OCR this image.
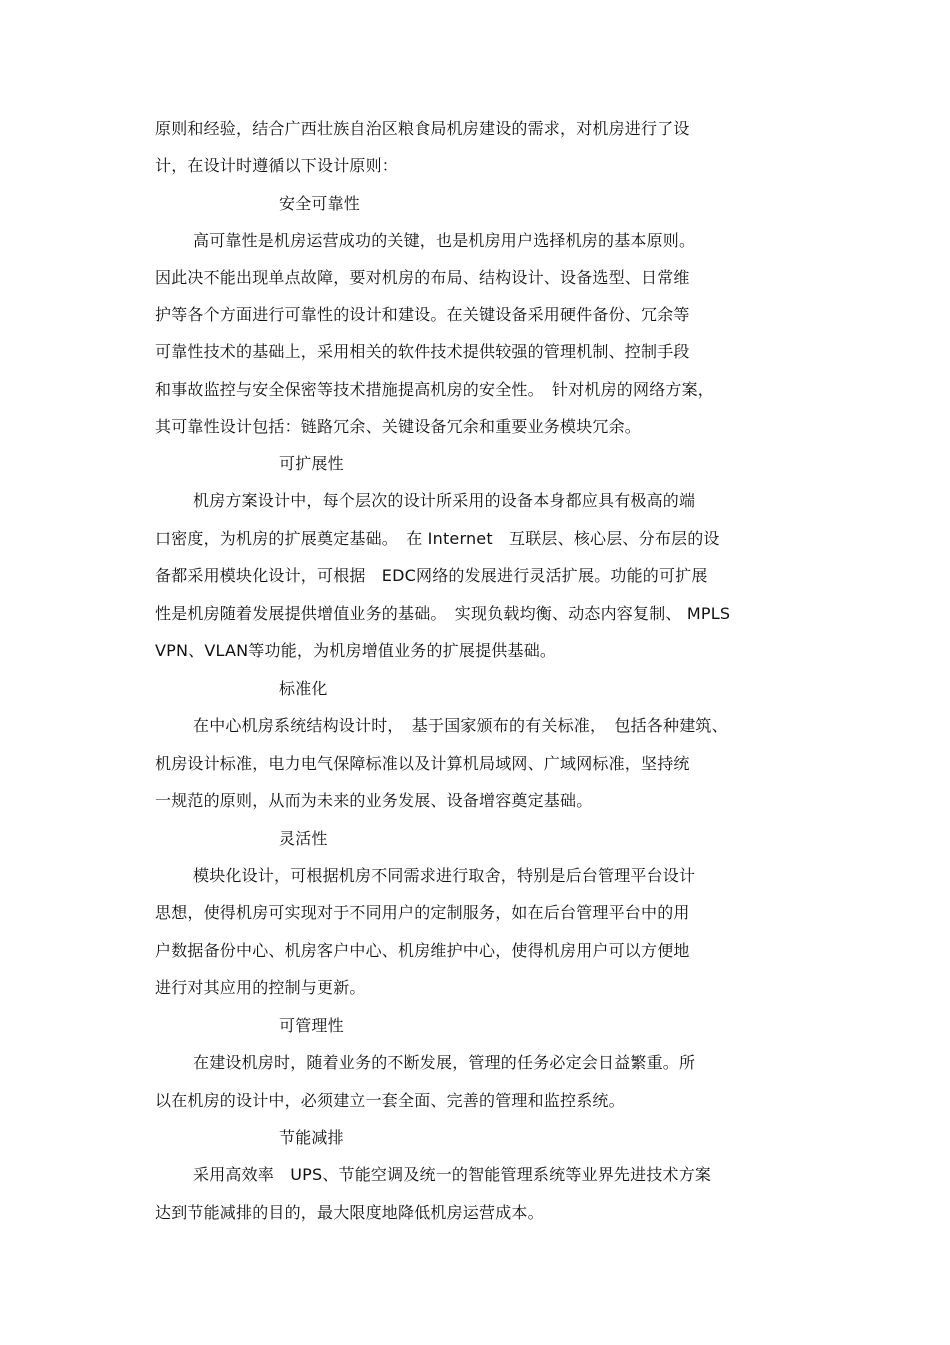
原则和经验，结合广西壮族自治区粮食局机房建设的需求，对机房进行了设
计，在设计时遵循以下设计原则：
安全可靠性
高可靠性是机房运营成功的关键，也是机房用户选择机房的基本原则。
因此决不能出现单点故障，要对机房的布局、结构设计、设备选型、日常维
护等各个方面进行可靠性的设计和建设。在关键设备采用硬件备份、冗余等
可靠性技术的基础上，采用相关的软件技术提供较强的管理机制、控制手段
和事故监控与安全保密等技术措施提高机房的安全性。　针对机房的网络方案，
其可靠性设计包括：链路冗余、关键设备冗余和重要业务模块冗余。
可扩展性
机房方案设计中，每个层次的设计所采用的设备本身都应具有极高的端
口密度，为机房的扩展奠定基础。　在 Internet　互联层、核心层、分布层的设
备都采用模块化设计，可根据　EDC网络的发展进行灵活扩展。功能的可扩展
性是机房随着发展提供增值业务的基础。　实现负载均衡、动态内容复制、 MPLS
VPN、VLAN等功能，为机房增值业务的扩展提供基础。
标准化
在中心机房系统结构设计时，　基于国家颁布的有关标准，　包括各种建筑、
机房设计标准，电力电气保障标准以及计算机局域网、广域网标准，坚持统
一规范的原则，从而为未来的业务发展、设备增容奠定基础。
灵活性
模块化设计，可根据机房不同需求进行取舍，特别是后台管理平台设计
思想，使得机房可实现对于不同用户的定制服务，如在后台管理平台中的用
户数据备份中心、机房客户中心、机房维护中心，使得机房用户可以方便地
进行对其应用的控制与更新。
可管理性
在建设机房时，随着业务的不断发展，管理的任务必定会日益繁重。所
以在机房的设计中，必须建立一套全面、完善的管理和监控系统。
节能减排
采用高效率　UPS、节能空调及统一的智能管理系统等业界先进技术方案
达到节能减排的目的，最大限度地降低机房运营成本。
